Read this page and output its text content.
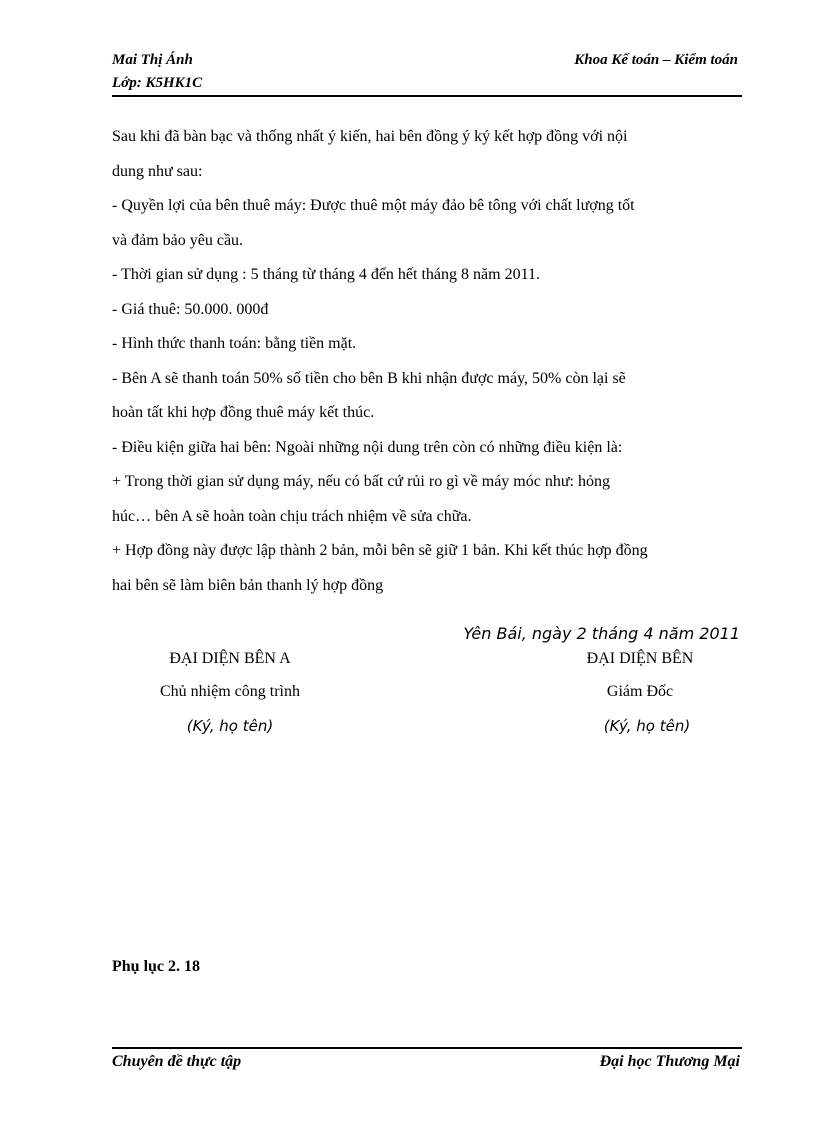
Mai Thị Ánh
Lớp: K5HK1C
Khoa Kế toán – Kiểm toán

Sau khi đã bàn bạc và thống nhất ý kiến, hai bên đồng ý ký kết hợp đồng với nội

dung như sau:

- Quyền lợi của bên thuê máy: Được thuê một máy đảo bê tông với chất lượng tốt

và đảm bảo yêu cầu.

- Thời gian sử dụng : 5 tháng từ tháng 4 đến hết tháng 8 năm 2011.

- Giá thuê: 50.000. 000đ

- Hình thức thanh toán: bằng tiền mặt.

- Bên A sẽ thanh toán 50% số tiền cho bên B khi nhận được máy, 50% còn lại sẽ

hoàn tất khi hợp đồng thuê máy kết thúc.

- Điều kiện giữa hai bên: Ngoài những nội dung trên còn có những điều kiện là:

+ Trong thời gian sử dụng máy, nếu có bất cứ rủi ro gì về máy móc như: hỏng

húc… bên A sẽ hoàn toàn chịu trách nhiệm về sửa chữa.

+ Hợp đồng này được lập thành 2 bản, mỗi bên sẽ giữ 1 bản. Khi kết thúc hợp đồng

hai bên sẽ làm biên bản thanh lý hợp đồng

Yên Bái, ngày 2 tháng 4 năm 2011
ĐẠI DIỆN BÊN A
Chủ nhiệm công trình
(Ký, họ tên)
ĐẠI DIỆN BÊN
Giám Đốc
(Ký, họ tên)
Phụ lục 2. 18
Chuyên đề thực tập	Đại học Thương Mại
